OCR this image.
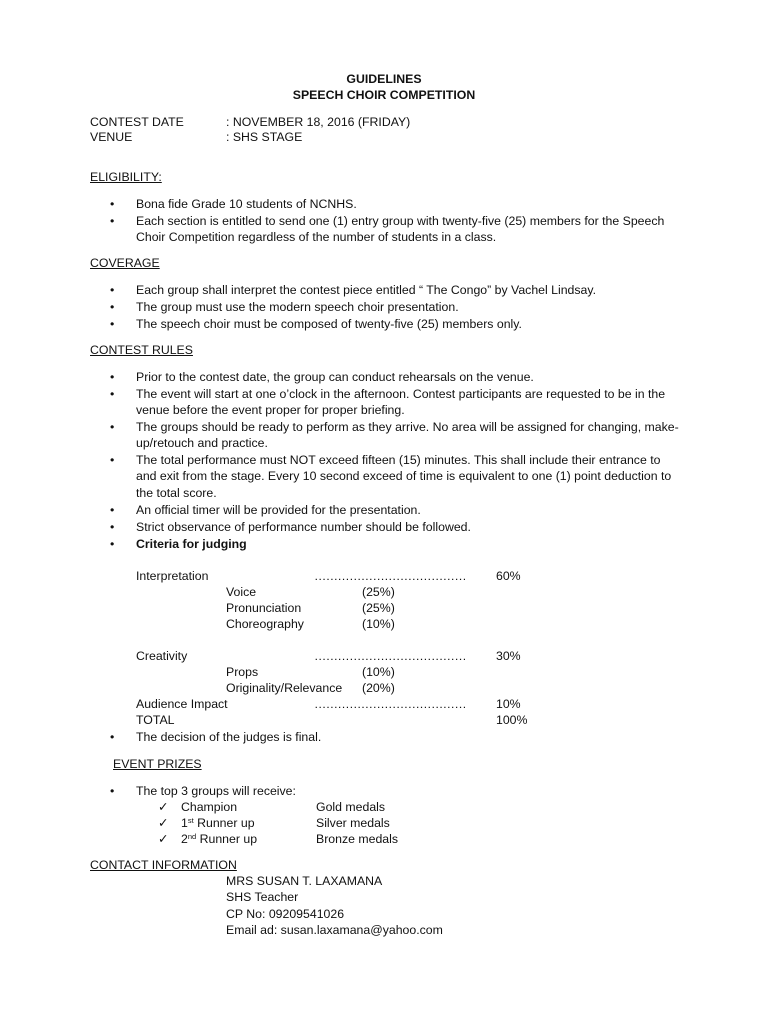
GUIDELINES
SPEECH CHOIR COMPETITION
CONTEST DATE	: NOVEMBER 18, 2016 (FRIDAY)
VENUE	: SHS STAGE
ELIGIBILITY:
• Bona fide Grade 10 students of NCNHS.
• Each section is entitled to send one (1) entry group with twenty-five (25) members for the Speech Choir Competition regardless of the number of students in a class.
COVERAGE
• Each group shall interpret the contest piece entitled “ The Congo” by Vachel Lindsay.
• The group must use the modern speech choir presentation.
• The speech choir must be composed of twenty-five (25) members only.
CONTEST RULES
• Prior to the contest date, the group can conduct rehearsals on the venue.
• The event will start at one o’clock in the afternoon. Contest participants are requested to be in the venue before the event proper for proper briefing.
• The groups should be ready to perform as they arrive. No area will be assigned for changing, make-up/retouch and practice.
• The total performance must NOT exceed fifteen (15) minutes. This shall include their entrance to and exit from the stage. Every 10 second exceed of time is equivalent to one (1) point deduction to the total score.
• An official timer will be provided for the presentation.
• Strict observance of performance number should be followed.
• Criteria for judging
Interpretation	………………………………… 60%
Voice	(25%)
Pronunciation	(25%)
Choreography	(10%)
Creativity	………………………………… 30%
Props	(10%)
Originality/Relevance (20%)
Audience Impact	………………………………… 10%
TOTAL	100%
• The decision of the judges is final.
EVENT PRIZES
• The top 3 groups will receive:
✓ Champion	Gold medals
✓ 1st Runner up	Silver medals
✓ 2nd Runner up	Bronze medals
CONTACT INFORMATION
MRS SUSAN T. LAXAMANA
SHS Teacher
CP No: 09209541026
Email ad: susan.laxamana@yahoo.com
